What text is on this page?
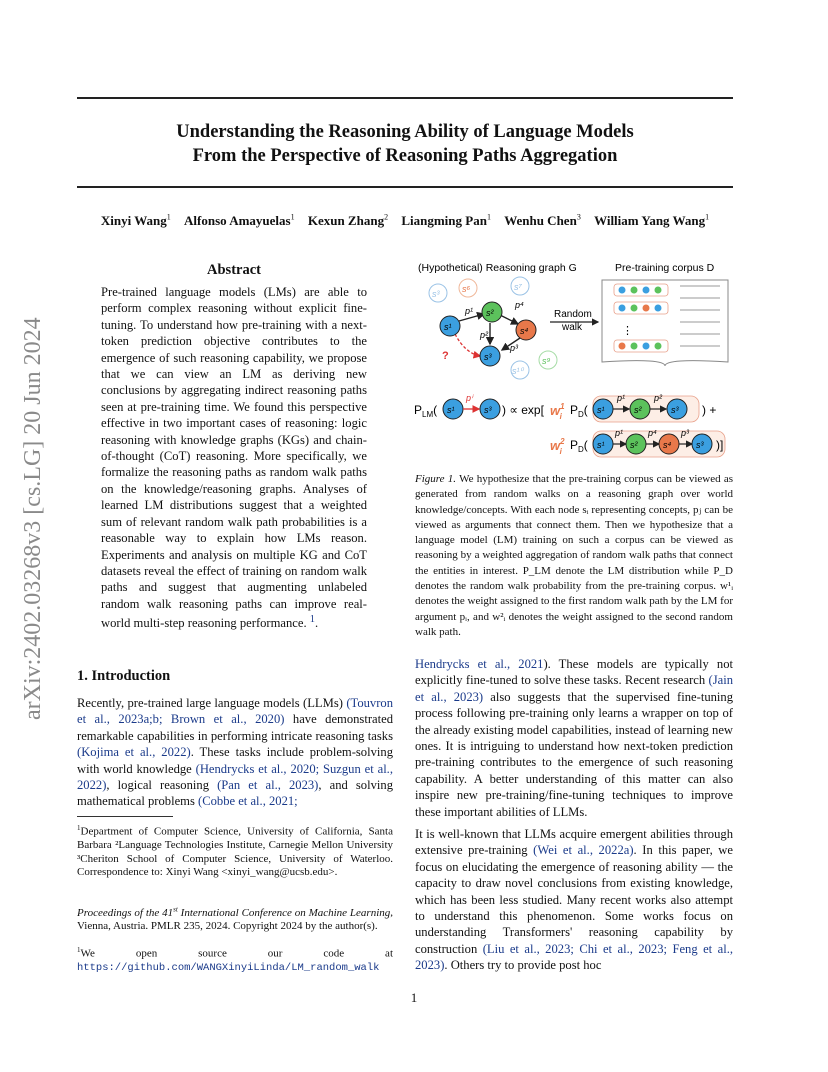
Understanding the Reasoning Ability of Language Models
From the Perspective of Reasoning Paths Aggregation
Xinyi Wang$^1$ Alfonso Amayuelas$^1$ Kexun Zhang$^2$ Liangming Pan$^1$ Wenhu Chen$^3$ William Yang Wang$^1$
arXiv:2402.03268v3 [cs.LG] 20 Jun 2024
Abstract
Pre-trained language models (LMs) are able to perform complex reasoning without explicit fine-tuning. To understand how pre-training with a next-token prediction objective contributes to the emergence of such reasoning capability, we propose that we can view an LM as deriving new conclusions by aggregating indirect reasoning paths seen at pre-training time. We found this perspective effective in two important cases of reasoning: logic reasoning with knowledge graphs (KGs) and chain-of-thought (CoT) reasoning. More specifically, we formalize the reasoning paths as random walk paths on the knowledge/reasoning graphs. Analyses of learned LM distributions suggest that a weighted sum of relevant random walk path probabilities is a reasonable way to explain how LMs reason. Experiments and analysis on multiple KG and CoT datasets reveal the effect of training on random walk paths and suggest that augmenting unlabeled random walk reasoning paths can improve real-world multi-step reasoning performance. $^1$.
1. Introduction
Recently, pre-trained large language models (LLMs) (Touvron et al., 2023a;b; Brown et al., 2020) have demonstrated remarkable capabilities in performing intricate reasoning tasks (Kojima et al., 2022). These tasks include problem-solving with world knowledge (Hendrycks et al., 2020; Suzgun et al., 2022), logical reasoning (Pan et al., 2023), and solving mathematical problems (Cobbe et al., 2021;
$^1$Department of Computer Science, University of California, Santa Barbara ²Language Technologies Institute, Carnegie Mellon University ³Cheriton School of Computer Science, University of Waterloo. Correspondence to: Xinyi Wang <xinyi_wang@ucsb.edu>.
Proceedings of the 41st International Conference on Machine Learning, Vienna, Austria. PMLR 235, 2024. Copyright 2024 by the author(s).
$^1$We open source our code at https://github.com/WANGXinyiLinda/LM_random_walk
(Hypothetical) Reasoning graph G	Pre-training corpus D
s³	s⁶	s⁷
s⁹
s¹⁰
?
s¹
s²
s⁴
s³
p¹
p⁴
p²
p³
Random
walk	⋮
$P_{LM}$( s¹
pⁱ
s³ ) ∝ exp[ $w^1$ i $P_D$( s¹
p¹
s²
p²
s³ ) +
$w^2$ i $P_D$( s¹
p¹
s²
p⁴
s⁴
p³
s³ )]
Figure 1. We hypothesize that the pre-training corpus can be viewed as generated from random walks on a reasoning graph over world knowledge/concepts. With each node sᵢ representing concepts, pⱼ can be viewed as arguments that connect them. Then we hypothesize that a language model (LM) training on such a corpus can be viewed as reasoning by a weighted aggregation of random walk paths that connect the entities in interest. P_LM denote the LM distribution while P_D denotes the random walk probability from the pre-training corpus. w¹ᵢ denotes the weight assigned to the first random walk path by the LM for argument pᵢ, and w²ᵢ denotes the weight assigned to the second random walk path.
Hendrycks et al., 2021). These models are typically not explicitly fine-tuned to solve these tasks. Recent research (Jain et al., 2023) also suggests that the supervised fine-tuning process following pre-training only learns a wrapper on top of the already existing model capabilities, instead of learning new ones. It is intriguing to understand how next-token prediction pre-training contributes to the emergence of such reasoning capability. A better understanding of this matter can also inspire new pre-training/fine-tuning techniques to improve these important abilities of LLMs.
It is well-known that LLMs acquire emergent abilities through extensive pre-training (Wei et al., 2022a). In this paper, we focus on elucidating the emergence of reasoning ability — the capacity to draw novel conclusions from existing knowledge, which has been less studied. Many recent works also attempt to understand this phenomenon. Some works focus on understanding Transformers' reasoning capability by construction (Liu et al., 2023; Chi et al., 2023; Feng et al., 2023). Others try to provide post hoc
1
